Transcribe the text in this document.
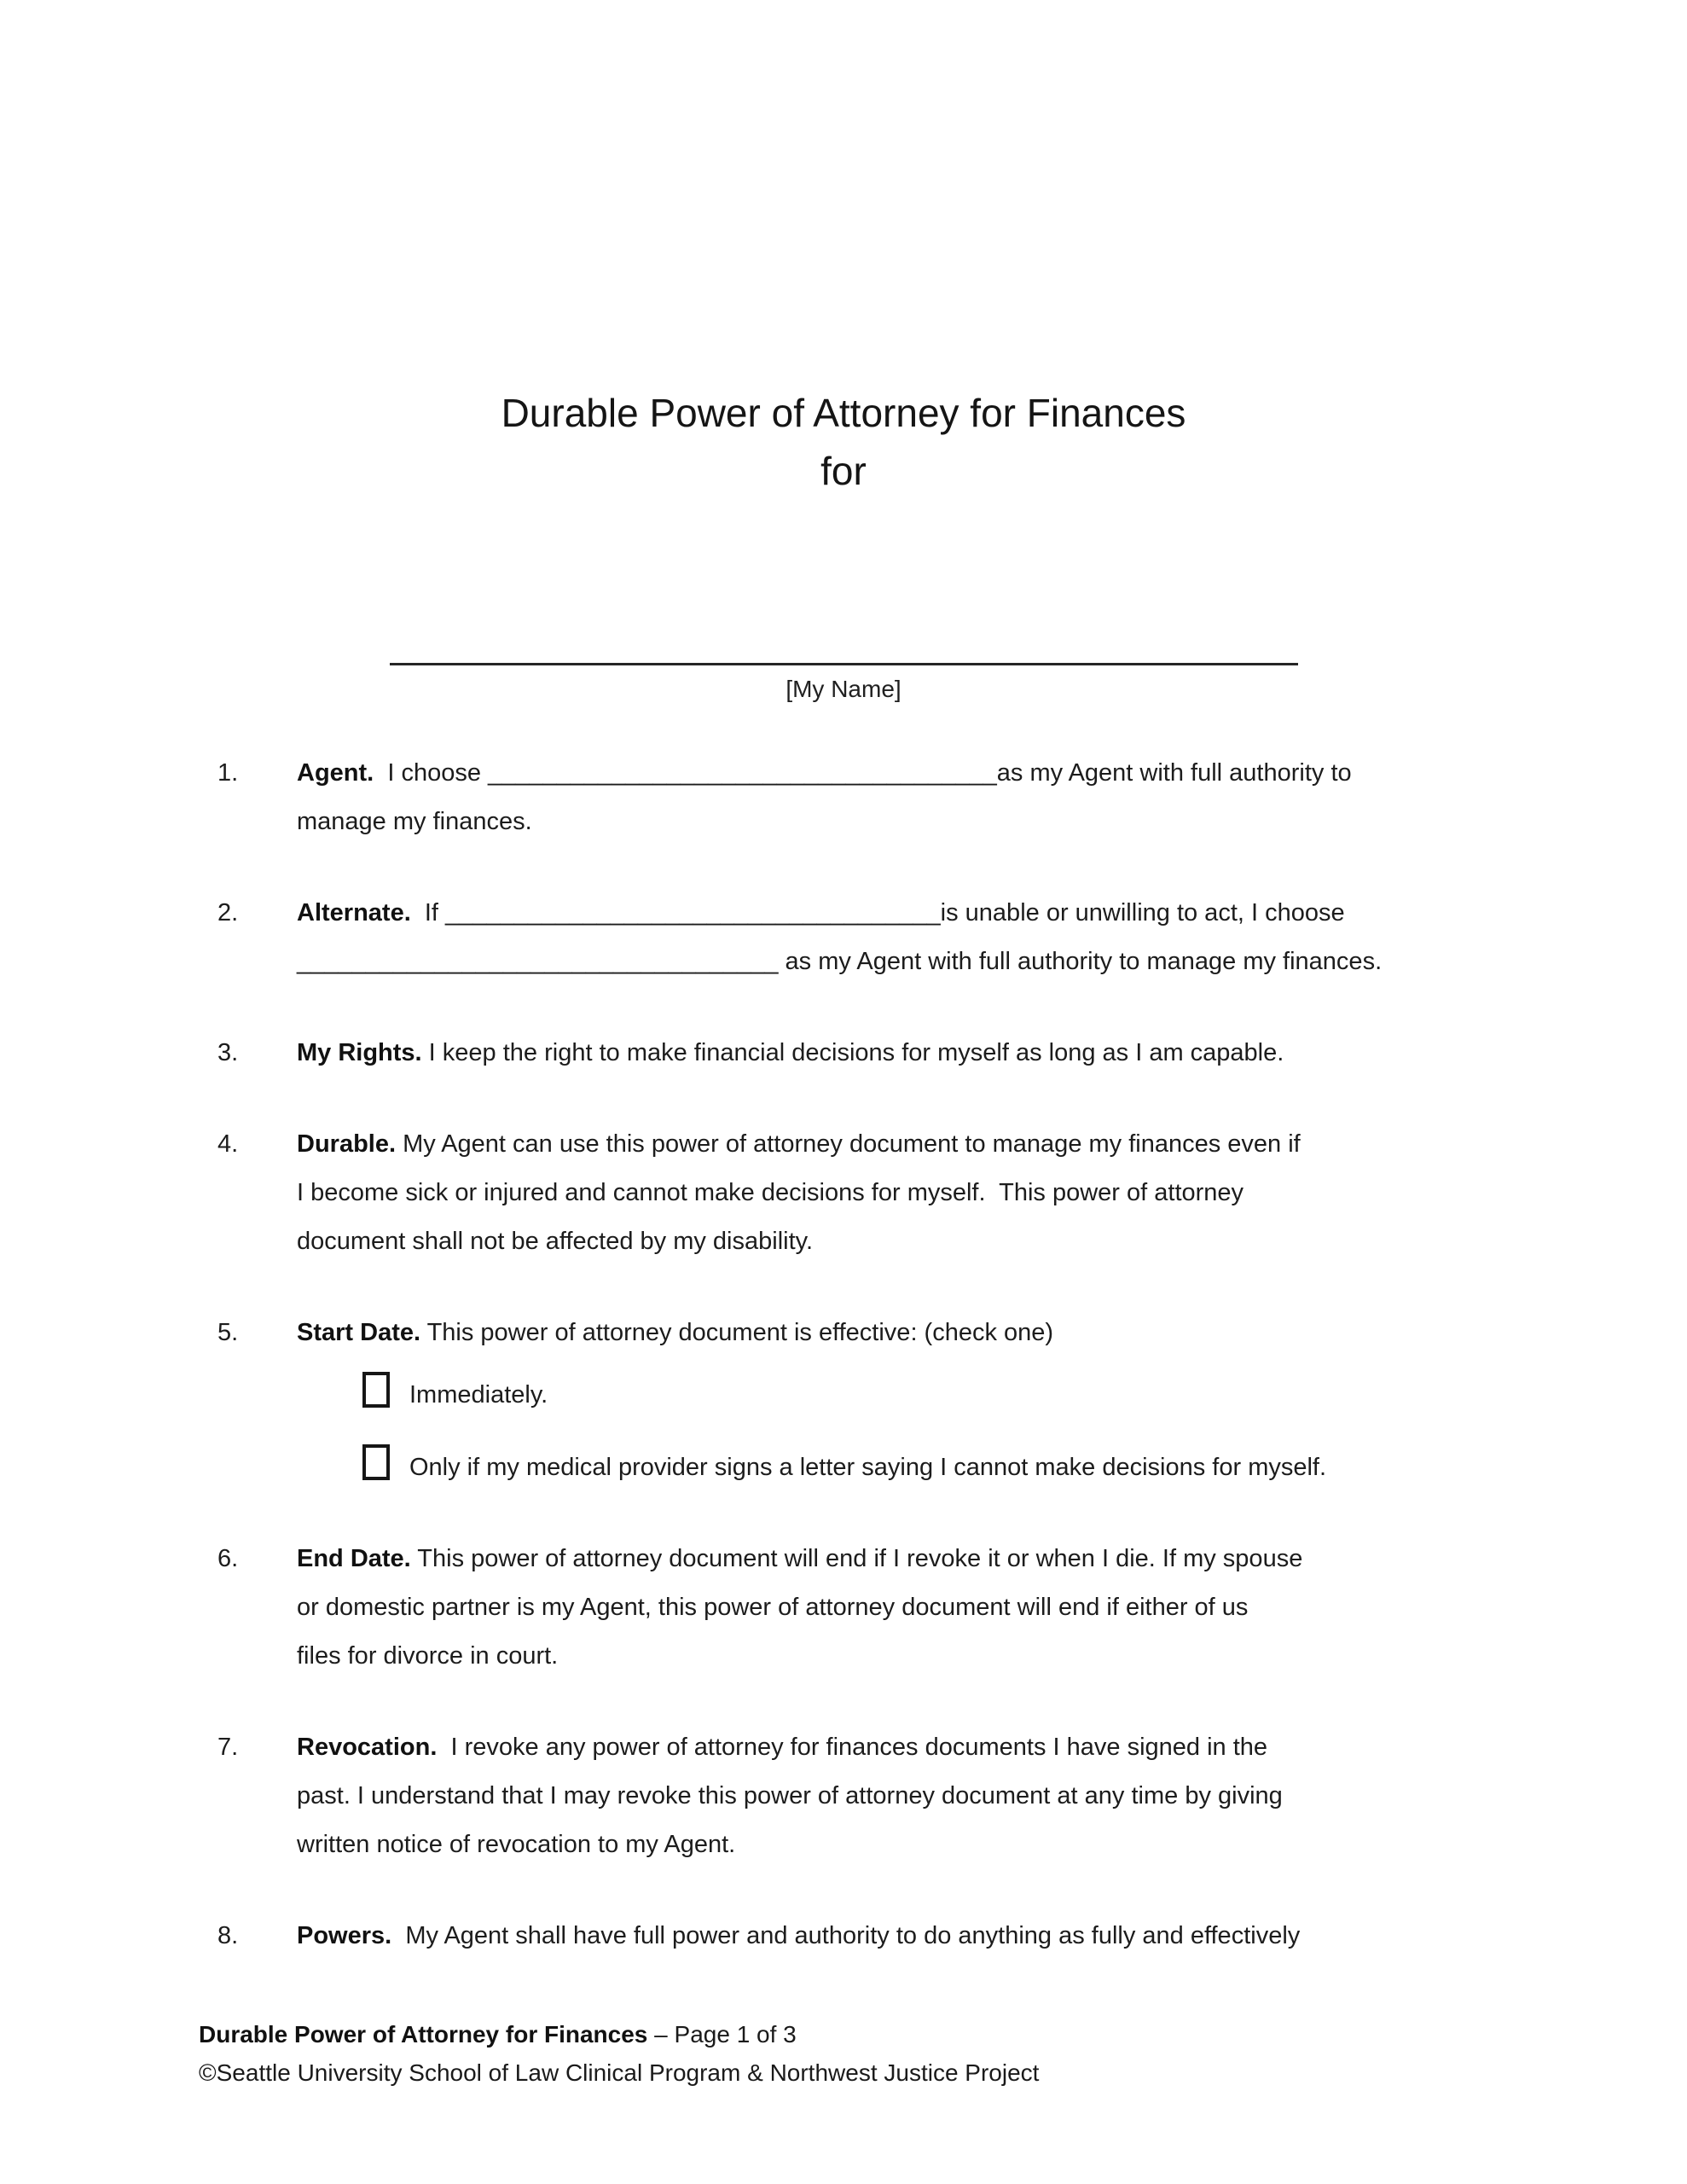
Durable Power of Attorney for Finances
for
[My Name]
1.	Agent.  I choose _____________________________________as my Agent with full authority to
manage my finances.
2.	Alternate.  If ____________________________________is unable or unwilling to act, I choose
___________________________________ as my Agent with full authority to manage my finances.
3.	My Rights. I keep the right to make financial decisions for myself as long as I am capable.
4.	Durable. My Agent can use this power of attorney document to manage my finances even if
I become sick or injured and cannot make decisions for myself.  This power of attorney
document shall not be affected by my disability.
5.	Start Date. This power of attorney document is effective: (check one)
Immediately.
Only if my medical provider signs a letter saying I cannot make decisions for myself.
6.	End Date. This power of attorney document will end if I revoke it or when I die. If my spouse
or domestic partner is my Agent, this power of attorney document will end if either of us
files for divorce in court.
7.	Revocation.  I revoke any power of attorney for finances documents I have signed in the
past. I understand that I may revoke this power of attorney document at any time by giving
written notice of revocation to my Agent.
8.	Powers.  My Agent shall have full power and authority to do anything as fully and effectively
Durable Power of Attorney for Finances – Page 1 of 3
©Seattle University School of Law Clinical Program & Northwest Justice Project
